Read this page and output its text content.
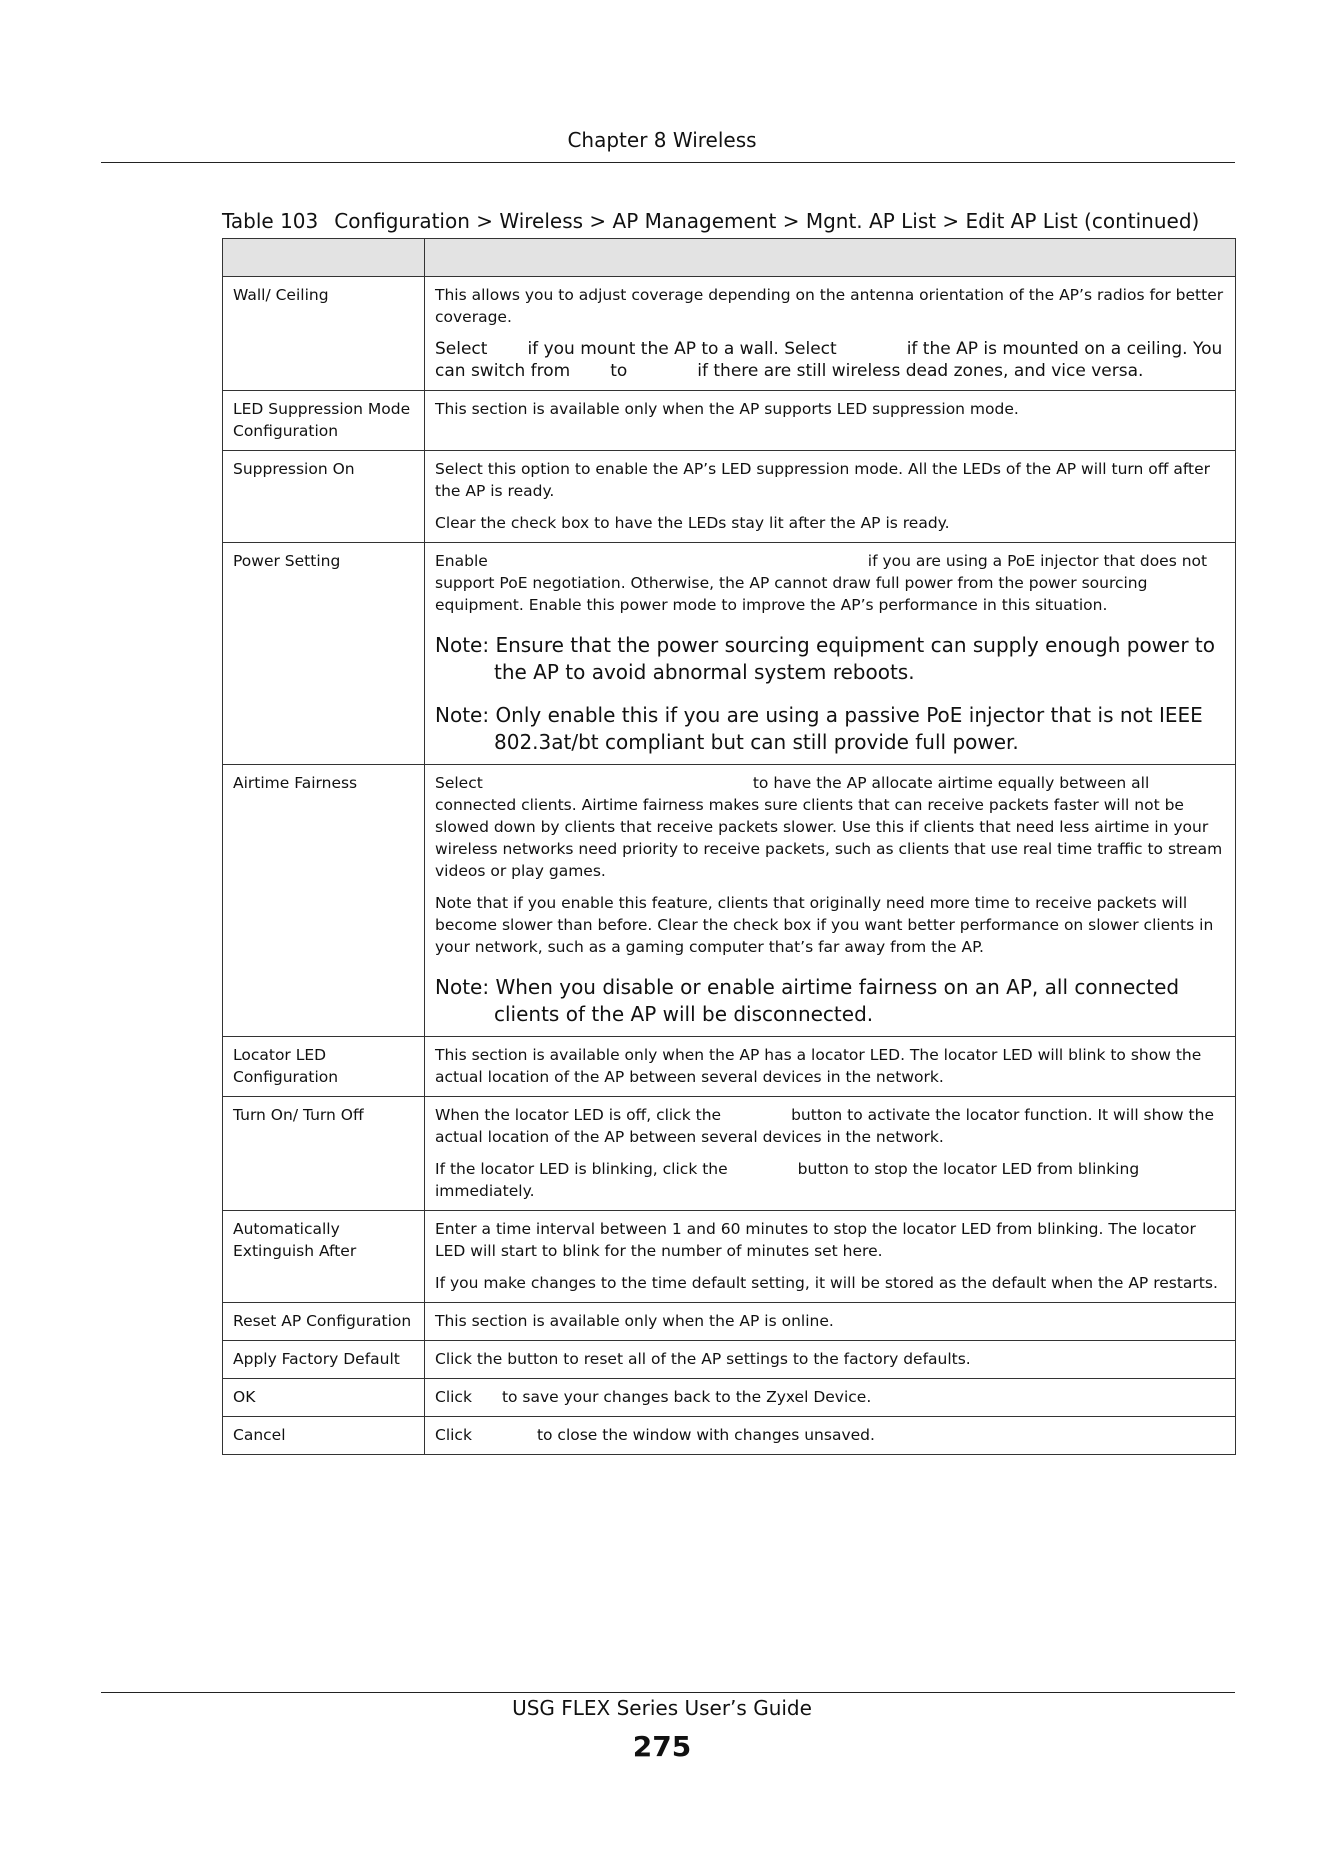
Chapter 8 Wireless
Table 103 Configuration > Wireless > AP Management > Mgnt. AP List > Edit AP List (continued)

Wall/ Ceiling	This allows you to adjust coverage depending on the antenna orientation of the AP’s radios for better coverage.

Select if you mount the AP to a wall. Select if the AP is mounted on a ceiling. You can switch from to if there are still wireless dead zones, and vice versa.

LED Suppression Mode Configuration	This section is available only when the AP supports LED suppression mode.

Suppression On	Select this option to enable the AP’s LED suppression mode. All the LEDs of the AP will turn off after the AP is ready.

Clear the check box to have the LEDs stay lit after the AP is ready.

Power Setting	Enable if you are using a PoE injector that does not support PoE negotiation. Otherwise, the AP cannot draw full power from the power sourcing equipment. Enable this power mode to improve the AP’s performance in this situation.

Note: Ensure that the power sourcing equipment can supply enough power to the AP to avoid abnormal system reboots.
Note: Only enable this if you are using a passive PoE injector that is not IEEE 802.3at/bt compliant but can still provide full power.

Airtime Fairness	Select to have the AP allocate airtime equally between all connected clients. Airtime fairness makes sure clients that can receive packets faster will not be slowed down by clients that receive packets slower. Use this if clients that need less airtime in your wireless networks need priority to receive packets, such as clients that use real time traffic to stream videos or play games.

Note that if you enable this feature, clients that originally need more time to receive packets will become slower than before. Clear the check box if you want better performance on slower clients in your network, such as a gaming computer that’s far away from the AP.

Note: When you disable or enable airtime fairness on an AP, all connected clients of the AP will be disconnected.

Locator LED Configuration	This section is available only when the AP has a locator LED. The locator LED will blink to show the actual location of the AP between several devices in the network.

Turn On/ Turn Off	When the locator LED is off, click the button to activate the locator function. It will show the actual location of the AP between several devices in the network.

If the locator LED is blinking, click the button to stop the locator LED from blinking immediately.

Automatically Extinguish After	Enter a time interval between 1 and 60 minutes to stop the locator LED from blinking. The locator LED will start to blink for the number of minutes set here.

If you make changes to the time default setting, it will be stored as the default when the AP restarts.

Reset AP Configuration	This section is available only when the AP is online.

Apply Factory Default	Click the button to reset all of the AP settings to the factory defaults.

OK	Click to save your changes back to the Zyxel Device.

Cancel	Click to close the window with changes unsaved.

USG FLEX Series User’s Guide
275
